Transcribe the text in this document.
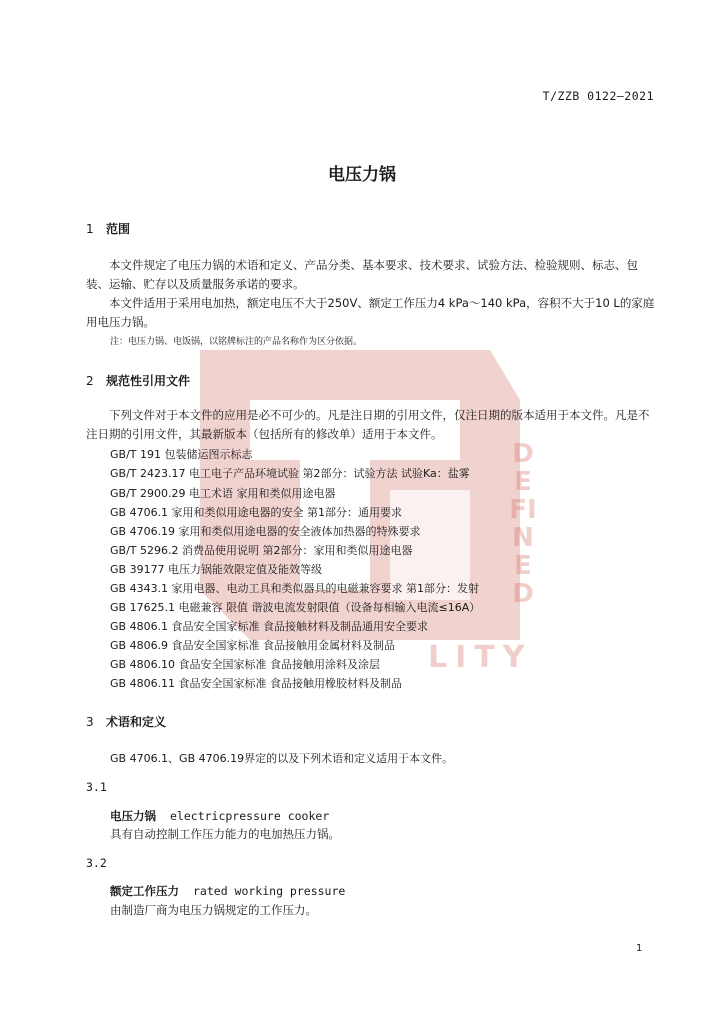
DEFINED
LITY
T/ZZB 0122—2021
电压力锅
1 范围
本文件规定了电压力锅的术语和定义、产品分类、基本要求、技术要求、试验方法、检验规则、标志、包装、运输、贮存以及质量服务承诺的要求。
本文件适用于采用电加热，额定电压不大于250V、额定工作压力4 kPa～140 kPa，容积不大于10 L的家庭用电压力锅。
注：电压力锅、电饭锅，以铭牌标注的产品名称作为区分依据。
2 规范性引用文件
下列文件对于本文件的应用是必不可少的。凡是注日期的引用文件，仅注日期的版本适用于本文件。凡是不注日期的引用文件，其最新版本（包括所有的修改单）适用于本文件。
GB/T 191 包装储运图示标志
GB/T 2423.17 电工电子产品环境试验 第2部分：试验方法 试验Ka：盐雾
GB/T 2900.29 电工术语 家用和类似用途电器
GB 4706.1 家用和类似用途电器的安全 第1部分：通用要求
GB 4706.19 家用和类似用途电器的安全液体加热器的特殊要求
GB/T 5296.2 消费品使用说明 第2部分：家用和类似用途电器
GB 39177 电压力锅能效限定值及能效等级
GB 4343.1 家用电器、电动工具和类似器具的电磁兼容要求 第1部分：发射
GB 17625.1 电磁兼容 限值 谐波电流发射限值（设备每相输入电流≤16A）
GB 4806.1 食品安全国家标准 食品接触材料及制品通用安全要求
GB 4806.9 食品安全国家标准 食品接触用金属材料及制品
GB 4806.10 食品安全国家标准 食品接触用涂料及涂层
GB 4806.11 食品安全国家标准 食品接触用橡胶材料及制品
3 术语和定义
GB 4706.1、GB 4706.19界定的以及下列术语和定义适用于本文件。
3.1
电压力锅 electricpressure cooker
具有自动控制工作压力能力的电加热压力锅。
3.2
额定工作压力 rated working pressure
由制造厂商为电压力锅规定的工作压力。
1
